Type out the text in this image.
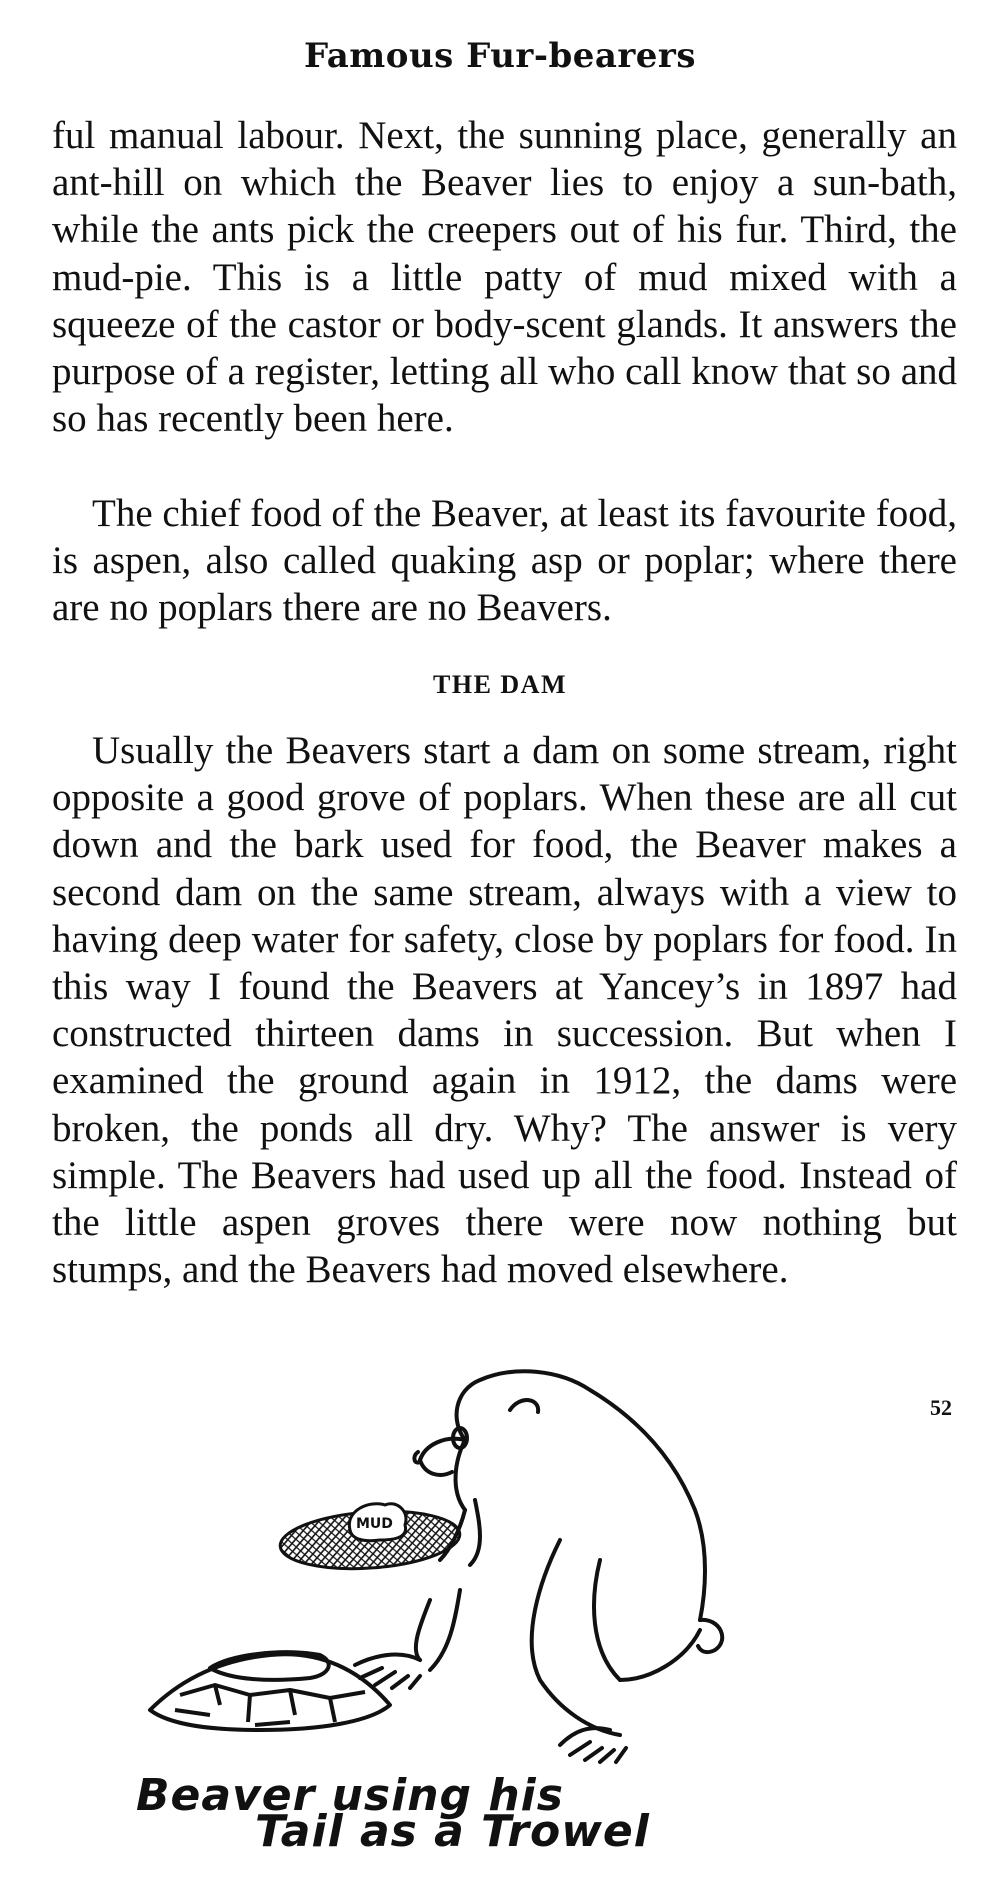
Famous Fur-bearers

ful manual labour. Next, the sunning place, generally an ant-hill on which the Beaver lies to enjoy a sun-bath, while the ants pick the creepers out of his fur. Third, the mud-pie. This is a little patty of mud mixed with a squeeze of the castor or body-scent glands. It answers the purpose of a register, letting all who call know that so and so has recently been here.

The chief food of the Beaver, at least its favourite food, is aspen, also called quaking asp or poplar; where there are no poplars there are no Beavers.

THE DAM

Usually the Beavers start a dam on some stream, right opposite a good grove of poplars. When these are all cut down and the bark used for food, the Beaver makes a second dam on the same stream, always with a view to having deep water for safety, close by poplars for food. In this way I found the Beavers at Yancey’s in 1897 had constructed thirteen dams in succession. But when I examined the ground again in 1912, the dams were broken, the ponds all dry. Why? The answer is very simple. The Beavers had used up all the food. Instead of the little aspen groves there were now nothing but stumps, and the Beavers had moved elsewhere.

52
MUD
Beaver using his
Tail as a Trowel
